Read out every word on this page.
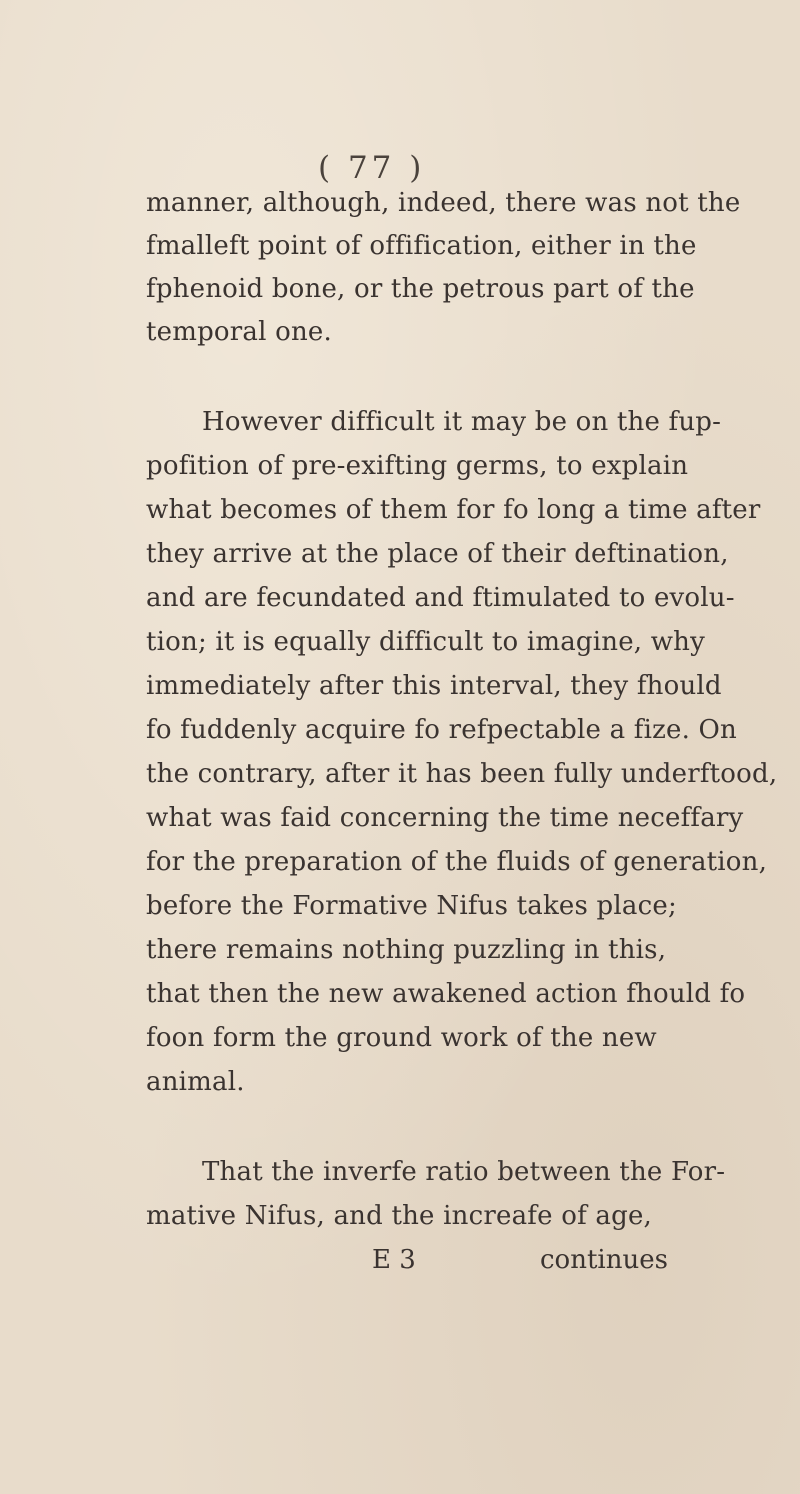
( 77 )
manner, although, indeed, there was not the
fmalleft point of offification, either in the
fphenoid bone, or the petrous part of the
temporal one.
However difficult it may be on the fup-
pofition of pre-exifting germs, to explain
what becomes of them for fo long a time after
they arrive at the place of their deftination,
and are fecundated and ftimulated to evolu-
tion; it is equally difficult to imagine, why
immediately after this interval, they fhould
fo fuddenly acquire fo refpectable a fize. On
the contrary, after it has been fully underftood,
what was faid concerning the time neceffary
for the preparation of the fluids of generation,
before the Formative Nifus takes place;
there remains nothing puzzling in this,
that then the new awakened action fhould fo
foon form the ground work of the new
animal.
That the inverfe ratio between the For-
mative Nifus, and the increafe of age,
E 3	continues
